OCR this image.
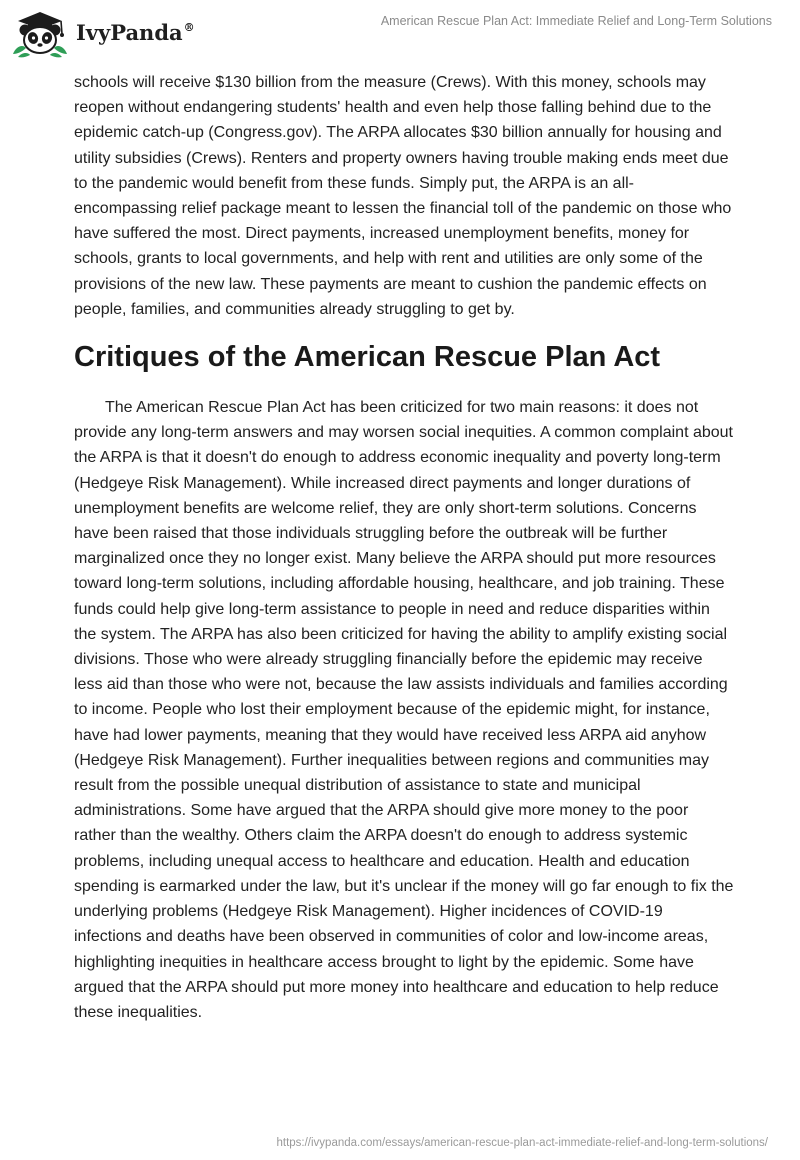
IvyPanda®	American Rescue Plan Act: Immediate Relief and Long-Term Solutions

schools will receive $130 billion from the measure (Crews). With this money, schools may reopen without endangering students' health and even help those falling behind due to the epidemic catch-up (Congress.gov). The ARPA allocates $30 billion annually for housing and utility subsidies (Crews). Renters and property owners having trouble making ends meet due to the pandemic would benefit from these funds. Simply put, the ARPA is an all-encompassing relief package meant to lessen the financial toll of the pandemic on those who have suffered the most. Direct payments, increased unemployment benefits, money for schools, grants to local governments, and help with rent and utilities are only some of the provisions of the new law. These payments are meant to cushion the pandemic effects on people, families, and communities already struggling to get by.

Critiques of the American Rescue Plan Act

The American Rescue Plan Act has been criticized for two main reasons: it does not provide any long-term answers and may worsen social inequities. A common complaint about the ARPA is that it doesn't do enough to address economic inequality and poverty long-term (Hedgeye Risk Management). While increased direct payments and longer durations of unemployment benefits are welcome relief, they are only short-term solutions. Concerns have been raised that those individuals struggling before the outbreak will be further marginalized once they no longer exist. Many believe the ARPA should put more resources toward long-term solutions, including affordable housing, healthcare, and job training. These funds could help give long-term assistance to people in need and reduce disparities within the system. The ARPA has also been criticized for having the ability to amplify existing social divisions. Those who were already struggling financially before the epidemic may receive less aid than those who were not, because the law assists individuals and families according to income. People who lost their employment because of the epidemic might, for instance, have had lower payments, meaning that they would have received less ARPA aid anyhow (Hedgeye Risk Management). Further inequalities between regions and communities may result from the possible unequal distribution of assistance to state and municipal administrations. Some have argued that the ARPA should give more money to the poor rather than the wealthy. Others claim the ARPA doesn't do enough to address systemic problems, including unequal access to healthcare and education. Health and education spending is earmarked under the law, but it's unclear if the money will go far enough to fix the underlying problems (Hedgeye Risk Management). Higher incidences of COVID-19 infections and deaths have been observed in communities of color and low-income areas, highlighting inequities in healthcare access brought to light by the epidemic. Some have argued that the ARPA should put more money into healthcare and education to help reduce these inequalities.

https://ivypanda.com/essays/american-rescue-plan-act-immediate-relief-and-long-term-solutions/
